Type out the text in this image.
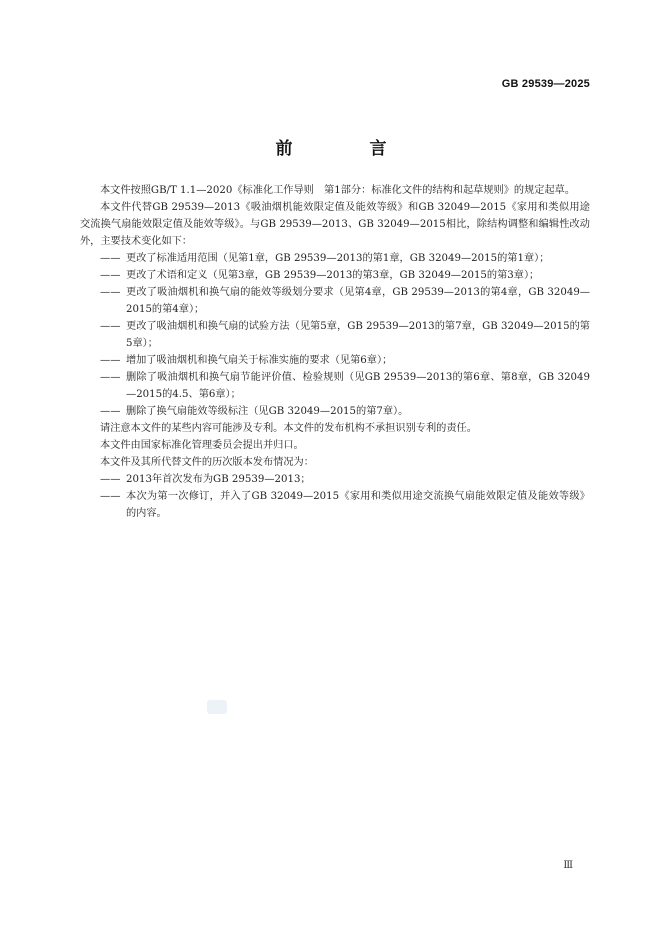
GB 29539—2025
前　言

本文件按照GB/T 1.1—2020《标准化工作导则　第1部分：标准化文件的结构和起草规则》的规定起草。

本文件代替GB 29539—2013《吸油烟机能效限定值及能效等级》和GB 32049—2015《家用和类似用途交流换气扇能效限定值及能效等级》。与GB 29539—2013、GB 32049—2015相比，除结构调整和编辑性改动外，主要技术变化如下：

—— 更改了标准适用范围（见第1章，GB 29539—2013的第1章，GB 32049—2015的第1章）；

—— 更改了术语和定义（见第3章，GB 29539—2013的第3章，GB 32049—2015的第3章）；

—— 更改了吸油烟机和换气扇的能效等级划分要求（见第4章，GB 29539—2013的第4章，GB 32049—2015的第4章）；

—— 更改了吸油烟机和换气扇的试验方法（见第5章，GB 29539—2013的第7章，GB 32049—2015的第5章）；

—— 增加了吸油烟机和换气扇关于标准实施的要求（见第6章）；

—— 删除了吸油烟机和换气扇节能评价值、检验规则（见GB 29539—2013的第6章、第8章，GB 32049—2015的4.5、第6章）；

—— 删除了换气扇能效等级标注（见GB 32049—2015的第7章）。

请注意本文件的某些内容可能涉及专利。本文件的发布机构不承担识别专利的责任。

本文件由国家标准化管理委员会提出并归口。

本文件及其所代替文件的历次版本发布情况为：

—— 2013年首次发布为GB 29539—2013；

—— 本次为第一次修订，并入了GB 32049—2015《家用和类似用途交流换气扇能效限定值及能效等级》的内容。

Ⅲ
